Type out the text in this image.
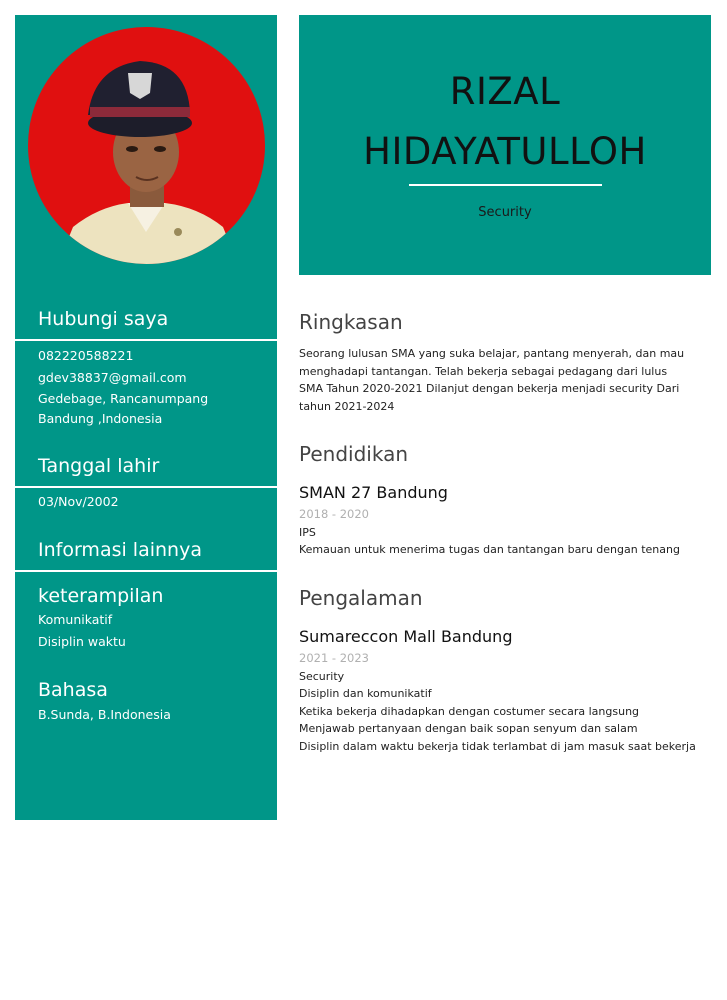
Hubungi saya
082220588221
gdev38837@gmail.com
Gedebage, Rancanumpang
Bandung ,Indonesia
Tanggal lahir
03/Nov/2002
Informasi lainnya
keterampilan
Komunikatif
Disiplin waktu
Bahasa
B.Sunda, B.Indonesia
RIZAL
HIDAYATULLOH
Security
Ringkasan
Seorang lulusan SMA yang suka belajar, pantang menyerah, dan mau
menghadapi tantangan. Telah bekerja sebagai pedagang dari lulus
SMA Tahun 2020-2021 Dilanjut dengan bekerja menjadi security Dari
tahun 2021-2024
Pendidikan
SMAN 27 Bandung
2018 - 2020
IPS
Kemauan untuk menerima tugas dan tantangan baru dengan tenang
Pengalaman
Sumareccon Mall Bandung
2021 - 2023
Security
Disiplin dan komunikatif
Ketika bekerja dihadapkan dengan costumer secara langsung
Menjawab pertanyaan dengan baik sopan senyum dan salam
Disiplin dalam waktu bekerja tidak terlambat di jam masuk saat bekerja
